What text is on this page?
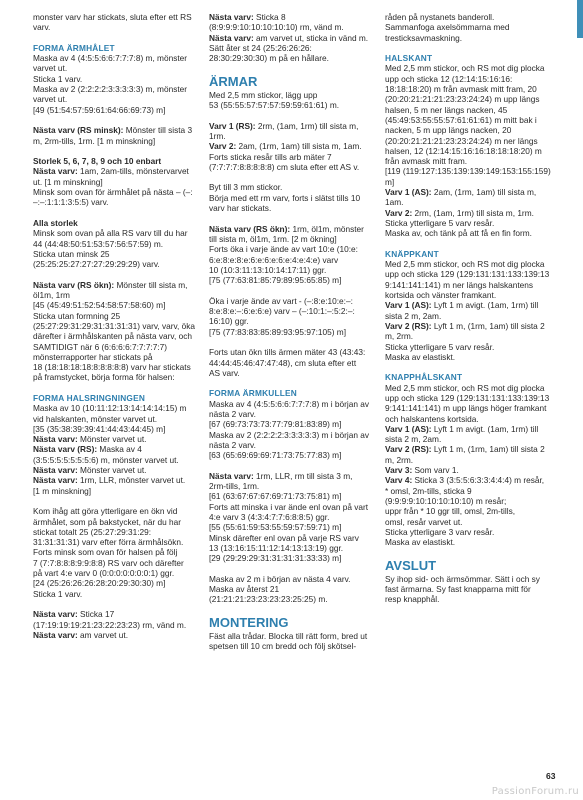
monster varv har stickats, sluta efter ett RS
varv.
FORMA ÄRMHÅLET
Maska av 4 (4:5:5:6:6:7:7:7:8) m, mönster
varvet ut.
Sticka 1 varv.
Maska av 2 (2:2:2:2:3:3:3:3:3) m, mönster
varvet ut.
[49 (51:54:57:59:61:64:66:69:73) m]
Nästa varv (RS minsk): Mönster till sista 3
m, 2rm-tills, 1rm. [1 m minskning]
Storlek 5, 6, 7, 8, 9 och 10 enbart
Nästa varv: 1am, 2am-tills, mönstervarvet
ut. [1 m minskning]
Minsk som ovan för ärmhålet på nästa – (–:
–:–:1:1:1:3:5:5) varv.
Alla storlek
Minsk som ovan på alla RS varv till du har
44 (44:48:50:51:53:57:56:57:59) m.
Sticka utan minsk 25
(25:25:25:27:27:27:29:29:29) varv.
Nästa varv (RS ökn): Mönster till sista m,
öl1m, 1rm
[45 (45:49:51:52:54:58:57:58:60) m]
Sticka utan formning 25
(25:27:29:31:29:31:31:31:31) varv, varv, öka
därefter i ärmhålskanten på nästa varv, och
SAMTIDIGT när 6 (6:6:6:6:7:7:7:7:7)
mönsterrapporter har stickats på
18 (18:18:18:18:8:8:8:8:8) varv har stickats
på framstycket, börja forma för halsen:
FORMA HALSRINGNINGEN
Maska av 10 (10:11:12:13:14:14:14:15) m
vid halskanten, mönster varvet ut.
[35 (35:38:39:39:41:44:43:44:45) m]
Nästa varv: Mönster varvet ut.
Nästa varv (RS): Maska av 4
(3:5:5:5:5:5:5:5:6) m, mönster varvet ut.
Nästa varv: Mönster varvet ut.
Nästa varv: 1rm, LLR, mönster varvet ut.
[1 m minskning]
Kom ihåg att göra ytterligare en ökn vid
ärmhålet, som på bakstycket, när du har
stickat totalt 25 (25:27:29:31:29:
31:31:31:31) varv efter förra ärmhålsökn.
Forts minsk som ovan för halsen på följ
7 (7:7:8:8:8:9:9:8:8) RS varv och därefter
på vart 4:e varv 0 (0:0:0:0:0:0:0:1) ggr.
[24 (25:26:26:26:28:20:29:30:30) m]
Sticka 1 varv.
Nästa varv: Sticka 17
(17:19:19:19:21:23:22:23:23) rm, vänd m.
Nästa varv: am varvet ut.
Nästa varv: Sticka 8
(8:9:9:9:10:10:10:10:10) rm, vänd m.
Nästa varv: am varvet ut, sticka in vänd m.
Sätt åter st 24 (25:26:26:26:
28:30:29:30:30) m på en hållare.
ÄRMAR
Med 2,5 mm stickor, lägg upp
53 (55:55:57:57:57:59:59:61:61) m.
Varv 1 (RS): 2rm, (1am, 1rm) till sista m,
1rm.
Varv 2: 2am, (1rm, 1am) till sista m, 1am.
Forts sticka resår tills arb mäter 7
(7:7:7:7:8:8:8:8:8) cm sluta efter ett AS v.
Byt till 3 mm stickor.
Börja med ett rm varv, forts i slätst tills 10
varv har stickats.
Nästa varv (RS ökn): 1rm, öl1m, mönster
till sista m, öl1m, 1rm. [2 m ökning]
Forts öka i varje ände av vart 10:e (10:e:
6:e:8:e:8:e:6:e:6:e:6:e:4:e:4:e) varv
10 (10:3:11:13:10:14:17:11) ggr.
[75 (77:63:81:85:79:89:95:65:85) m]
Öka i varje ände av vart - (–:8:e:10:e:–:
8:e:8:e:–:6:e:6:e) varv – (–:10:1:–:5:2:–:
16:10) ggr.
[75 (77:83:83:85:89:93:95:97:105) m]
Forts utan ökn tills ärmen mäter 43 (43:43:
44:44:45:46:47:47:48), cm sluta efter ett
AS varv.
FORMA ÄRMKULLEN
Maska av 4 (4:5:5:6:6:7:7:7:8) m i början av
nästa 2 varv.
[67 (69:73:73:73:77:79:81:83:89) m]
Maska av 2 (2:2:2:2:3:3:3:3:3) m i början av
nästa 2 varv.
[63 (65:69:69:69:71:73:75:77:83) m]
Nästa varv: 1rm, LLR, rm till sista 3 m,
2rm-tills, 1rm.
[61 (63:67:67:67:69:71:73:75:81) m]
Forts att minska i var ände enl ovan på vart
4:e varv 3 (4:3:4:7:7:6:8:8:5) ggr.
[55 (55:61:59:53:55:59:57:59:71) m]
Minsk därefter enl ovan på varje RS varv
13 (13:16:15:11:12:14:13:13:19) ggr.
[29 (29:29:29:31:31:31:31:33:33) m]
Maska av 2 m i början av nästa 4 varv.
Maska av återst 21
(21:21:21:23:23:23:23:25:25) m.
MONTERING
Fäst alla trådar. Blocka till rätt form, bred ut
spetsen till 10 cm bredd och följ skötsel-
råden på nystanets banderoll.
Sammanfoga axelsömmarna med
tresticksavmaskning.
HALSKANT
Med 2,5 mm stickor, och RS mot dig plocka
upp och sticka 12 (12:14:15:16:16:
18:18:18:20) m från avmask mitt fram, 20
(20:20:21:21:21:23:23:24:24) m upp längs
halsen, 5 m ner längs nacken, 45
(45:49:53:55:55:57:61:61:61) m mitt bak i
nacken, 5 m upp längs nacken, 20
(20:20:21:21:21:23:23:24:24) m ner längs
halsen, 12 (12:14:15:16:16:18:18:18:20) m
från avmask mitt fram.
[119 (119:127:135:139:139:149:153:155:159)
m]
Varv 1 (AS): 2am, (1rm, 1am) till sista m,
1am.
Varv 2: 2rm, (1am, 1rm) till sista m, 1rm.
Sticka ytterligare 5 varv resår.
Maska av, och tänk på att få en fin form.
KNÄPPKANT
Med 2,5 mm stickor, och RS mot dig plocka
upp och sticka 129 (129:131:131:133:139:13
9:141:141:141) m ner längs halskantens
kortsida och vänster framkant.
Varv 1 (AS): Lyft 1 m avigt. (1am, 1rm) till
sista 2 m, 2am.
Varv 2 (RS): Lyft 1 m, (1rm, 1am) till sista 2
m, 2rm.
Sticka ytterligare 5 varv resår.
Maska av elastiskt.
KNAPPHÅLSKANT
Med 2,5 mm stickor, och RS mot dig plocka
upp och sticka 129 (129:131:131:133:139:13
9:141:141:141) m upp längs höger framkant
och halskantens kortsida.
Varv 1 (AS): Lyft 1 m avigt. (1am, 1rm) till
sista 2 m, 2am.
Varv 2 (RS): Lyft 1 m, (1rm, 1am) till sista 2
m, 2rm.
Varv 3: Som varv 1.
Varv 4: Sticka 3 (3:5:5:6:3:3:4:4:4) m resår,
* omsl, 2m-tills, sticka 9
(9:9:9:9:10:10:10:10:10) m resår;
uppr från * 10 ggr till, omsl, 2m-tills,
omsl, resår varvet ut.
Sticka ytterligare 3 varv resår.
Maska av elastiskt.
AVSLUT
Sy ihop sid- och ärmsömmar. Sätt i och sy
fast ärmarna. Sy fast knapparna mitt för
resp knapphål.
63
PassionForum.ru
